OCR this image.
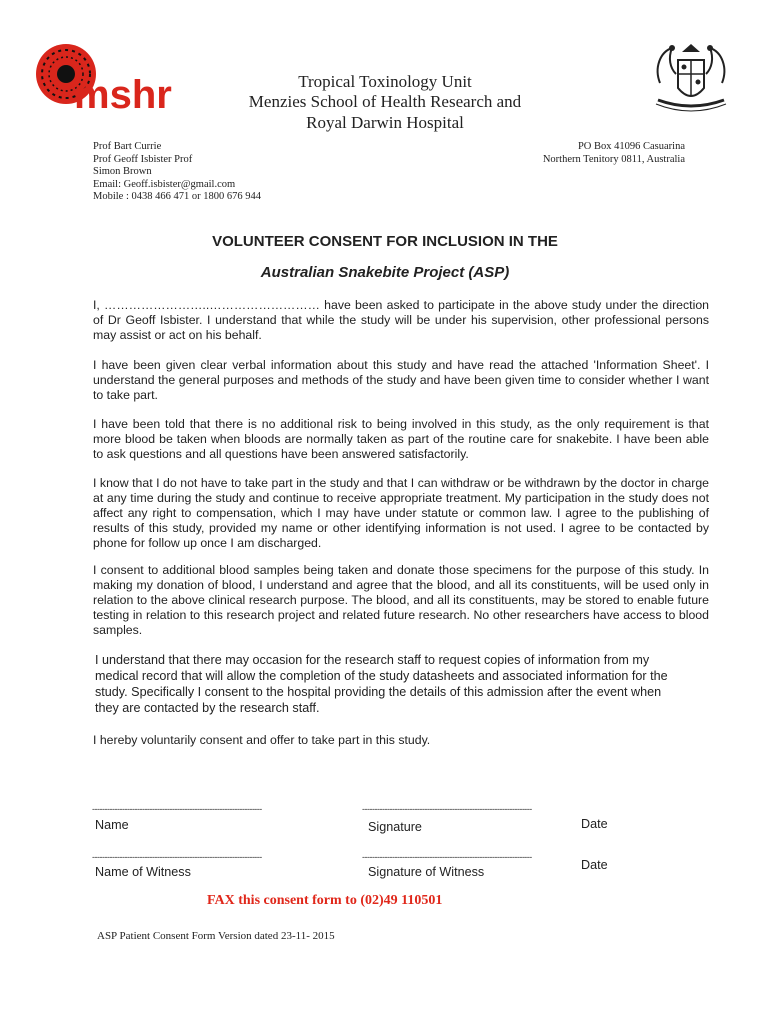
mshr	Tropical Toxinology Unit
Menzies School of Health Research and
Royal Darwin Hospital
Prof Bart Currie
Prof Geoff Isbister Prof
Simon Brown
Email: Geoff.isbister@gmail.com
Mobile : 0438 466 471 or 1800 676 944
PO Box 41096 Casuarina
Northern Tenitory 0811, Australia
VOLUNTEER CONSENT FOR INCLUSION IN THE
Australian Snakebite Project (ASP)

I, ……………………..……………………… have been asked to participate in the above study under the direction of Dr Geoff Isbister. I understand that while the study will be under his supervision, other professional persons may assist or act on his behalf.

I have been given clear verbal information about this study and have read the attached 'Information Sheet'. I understand the general purposes and methods of the study and have been given time to consider whether I want to take part.

I have been told that there is no additional risk to being involved in this study, as the only requirement is that more blood be taken when bloods are normally taken as part of the routine care for snakebite. I have been able to ask questions and all questions have been answered satisfactorily.

I know that I do not have to take part in the study and that I can withdraw or be withdrawn by the doctor in charge at any time during the study and continue to receive appropriate treatment. My participation in the study does not affect any right to compensation, which I may have under statute or common law. I agree to the publishing of results of this study, provided my name or other identifying information is not used. I agree to be contacted by phone for follow up once I am discharged.

I consent to additional blood samples being taken and donate those specimens for the purpose of this study. In making my donation of blood, I understand and agree that the blood, and all its constituents, will be used only in relation to the above clinical research purpose. The blood, and all its constituents, may be stored to enable future testing in relation to this research project and related future research. No other researchers have access to blood samples.

I understand that there may occasion for the research staff to request copies of information from my medical record that will allow the completion of the study datasheets and associated information for the study. Specifically I consent to the hospital providing the details of this admission after the event when they are contacted by the research staff.

I hereby voluntarily consent and offer to take part in this study.

--------------------------------------------------------------------	--------------------------------------------------------------------
Name	Signature	Date
--------------------------------------------------------------------	--------------------------------------------------------------------
Name of Witness	Signature of Witness	Date
FAX this consent form to (02)49 110501
ASP Patient Consent Form Version dated 23-11- 2015
